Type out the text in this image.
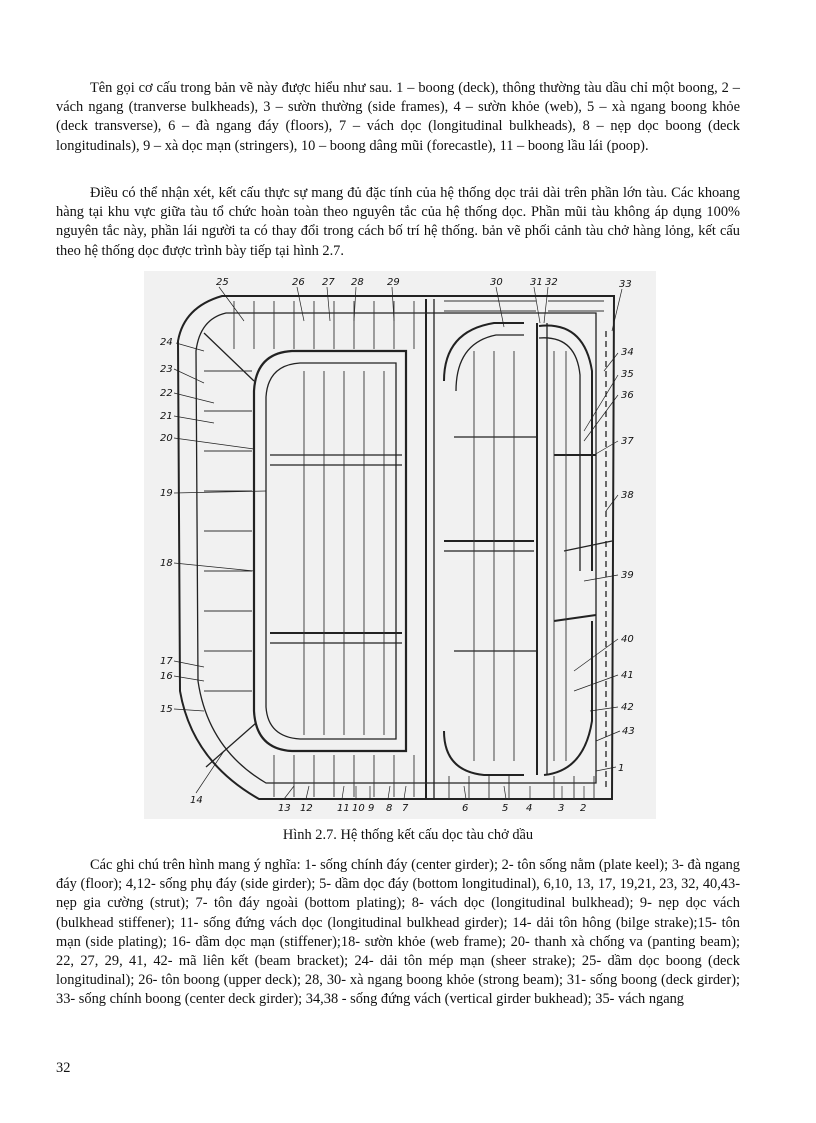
Tên gọi cơ cấu trong bản vẽ này được hiểu như sau. 1 – boong (deck), thông thường tàu dầu chỉ một boong, 2 – vách ngang (tranverse bulkheads), 3 – sườn thường (side frames), 4 – sườn khỏe (web), 5 – xà ngang boong khỏe (deck transverse), 6 – đà ngang đáy (floors), 7 – vách dọc (longitudinal bulkheads), 8 – nẹp dọc boong (deck longitudinals), 9 – xà dọc mạn (stringers), 10 – boong dâng mũi (forecastle), 11 – boong lầu lái (poop).

Điều có thể nhận xét, kết cấu thực sự mang đủ đặc tính của hệ thống dọc trải dài trên phần lớn tàu. Các khoang hàng tại khu vực giữa tàu tổ chức hoàn toàn theo nguyên tắc của hệ thống dọc. Phần mũi tàu không áp dụng 100% nguyên tắc này, phần lái người ta có thay đổi trong cách bố trí hệ thống. bản vẽ phối cảnh tàu chở hàng lỏng, kết cấu theo hệ thống dọc được trình bày tiếp tại hình 2.7.

25	26 27 28 29	30	31 32	33
24
23
22
21
20
19
18
17
16
15
14
34
35
36
37
38
39
40
41
42
43
1
13 12 11 10 9 8 7	6	5 4	3 2
Hình 2.7. Hệ thống kết cấu dọc tàu chở dầu

Các ghi chú trên hình mang ý nghĩa: 1- sống chính đáy (center girder); 2- tôn sống nằm (plate keel); 3- đà ngang đáy (floor); 4,12- sống phụ đáy (side girder); 5- dầm dọc đáy (bottom longitudinal), 6,10, 13, 17, 19,21, 23, 32, 40,43- nẹp gia cường (strut); 7- tôn đáy ngoài (bottom plating); 8- vách dọc (longitudinal bulkhead); 9- nẹp dọc vách (bulkhead stiffener); 11- sống đứng vách dọc (longitudinal bulkhead girder); 14- dải tôn hông (bilge strake);15- tôn mạn (side plating); 16- dầm dọc mạn (stiffener);18- sườn khỏe (web frame); 20- thanh xà chống va (panting beam); 22, 27, 29, 41, 42- mã liên kết (beam bracket); 24- dải tôn mép mạn (sheer strake); 25- dầm dọc boong (deck longitudinal); 26- tôn boong (upper deck); 28, 30- xà ngang boong khỏe (strong beam); 31- sống boong (deck girder); 33- sống chính boong (center deck girder); 34,38 - sống đứng vách (vertical girder bukhead); 35- vách ngang

32
